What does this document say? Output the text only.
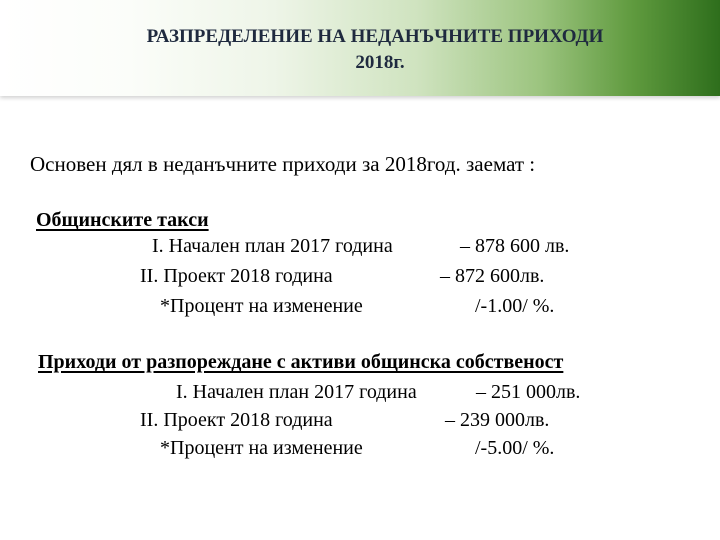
РАЗПРЕДЕЛЕНИЕ НА НЕДАНЪЧНИТЕ ПРИХОДИ
2018г.
Основен дял в неданъчните приходи за 2018год. заемат :
Общинските такси
I. Начален план 2017 година	– 878 600 лв.
II. Проект 2018 година	– 872 600лв.
*Процент на изменение	/-1.00/ %.
Приходи от разпореждане с активи общинска собственост
I. Начален план 2017 година	– 251 000лв.
II. Проект 2018 година	– 239 000лв.
*Процент на изменение	/-5.00/ %.
